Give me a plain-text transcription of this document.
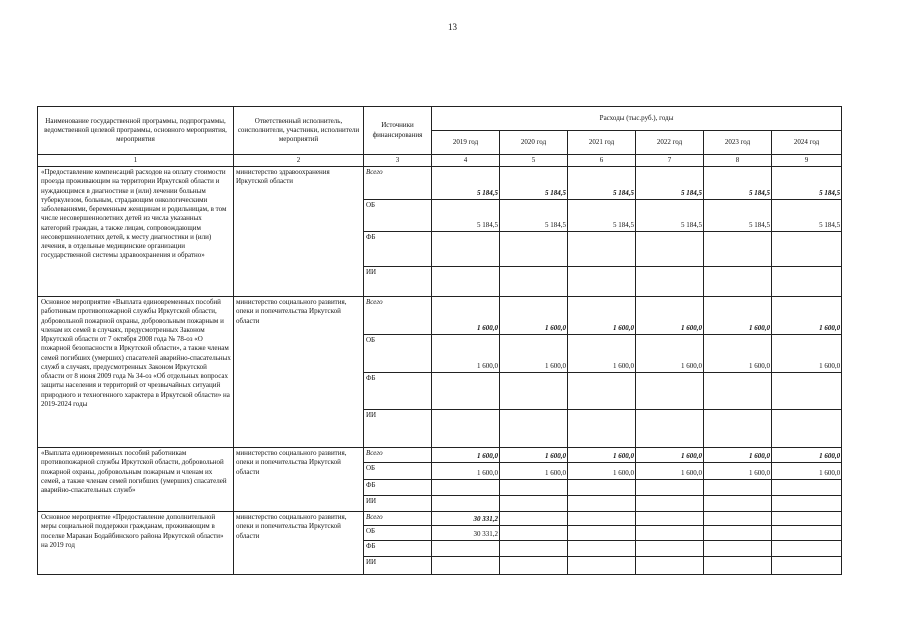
13
Наименование государственной программы, подпрограммы, ведомственной целевой программы, основного мероприятия, мероприятия	Ответственный исполнитель, соисполнители, участники, исполнители мероприятий	Источники финансирования	Расходы (тыс.руб.), годы					
			2019 год	2020 год	2021 год	2022 год	2023 год	2024 год
1	2	3	4	5	6	7	8	9
«Предоставление компенсаций расходов на оплату стоимости проезда проживающим на территории Иркутской области и нуждающимся в диагностике и (или) лечении больным туберкулезом, больным, страдающим онкологическими заболеваниями, беременным женщинам и родильницам, в том числе несовершеннолетних детей из числа указанных категорий граждан, а также лицам, сопровождающим несовершеннолетних детей, к месту диагностики и (или) лечения, в отдельные медицинские организации государственной системы здравоохранения и обратно»	министерство здравоохранения Иркутской области	Всего	5 184,5	5 184,5	5 184,5	5 184,5	5 184,5	5 184,5
		ОБ	5 184,5	5 184,5	5 184,5	5 184,5	5 184,5	5 184,5
		ФБ						
		ИИ						
Основное мероприятие «Выплата единовременных пособий работникам противопожарной службы Иркутской области, добровольной пожарной охраны, добровольным пожарным и членам их семей в случаях, предусмотренных Законом Иркутской области от 7 октября 2008 года № 78-оз «О пожарной безопасности в Иркутской области», а также членам семей погибших (умерших) спасателей аварийно-спасательных служб в случаях, предусмотренных Законом Иркутской области от 8 июня 2009 года № 34-оз «Об отдельных вопросах защиты населения и территорий от чрезвычайных ситуаций природного и техногенного характера в Иркутской области» на 2019-2024 годы	министерство социального развития, опеки и попечительства Иркутской области	Всего	1 600,0	1 600,0	1 600,0	1 600,0	1 600,0	1 600,0
		ОБ	1 600,0	1 600,0	1 600,0	1 600,0	1 600,0	1 600,0
		ФБ						
		ИИ						
«Выплата единовременных пособий работникам противопожарной службы Иркутской области, добровольной пожарной охраны, добровольным пожарным и членам их семей, а также членам семей погибших (умерших) спасателей аварийно-спасательных служб»	министерство социального развития, опеки и попечительства Иркутской области	Всего	1 600,0	1 600,0	1 600,0	1 600,0	1 600,0	1 600,0
		ОБ	1 600,0	1 600,0	1 600,0	1 600,0	1 600,0	1 600,0
		ФБ						
		ИИ						
Основное мероприятие «Предоставление дополнительной меры социальной поддержки гражданам, проживающим в поселке Маракан Бодайбинского района Иркутской области» на 2019 год	министерство социального развития, опеки и попечительства Иркутской области	Всего	30 331,2					
		ОБ	30 331,2					
		ФБ						
		ИИ						
